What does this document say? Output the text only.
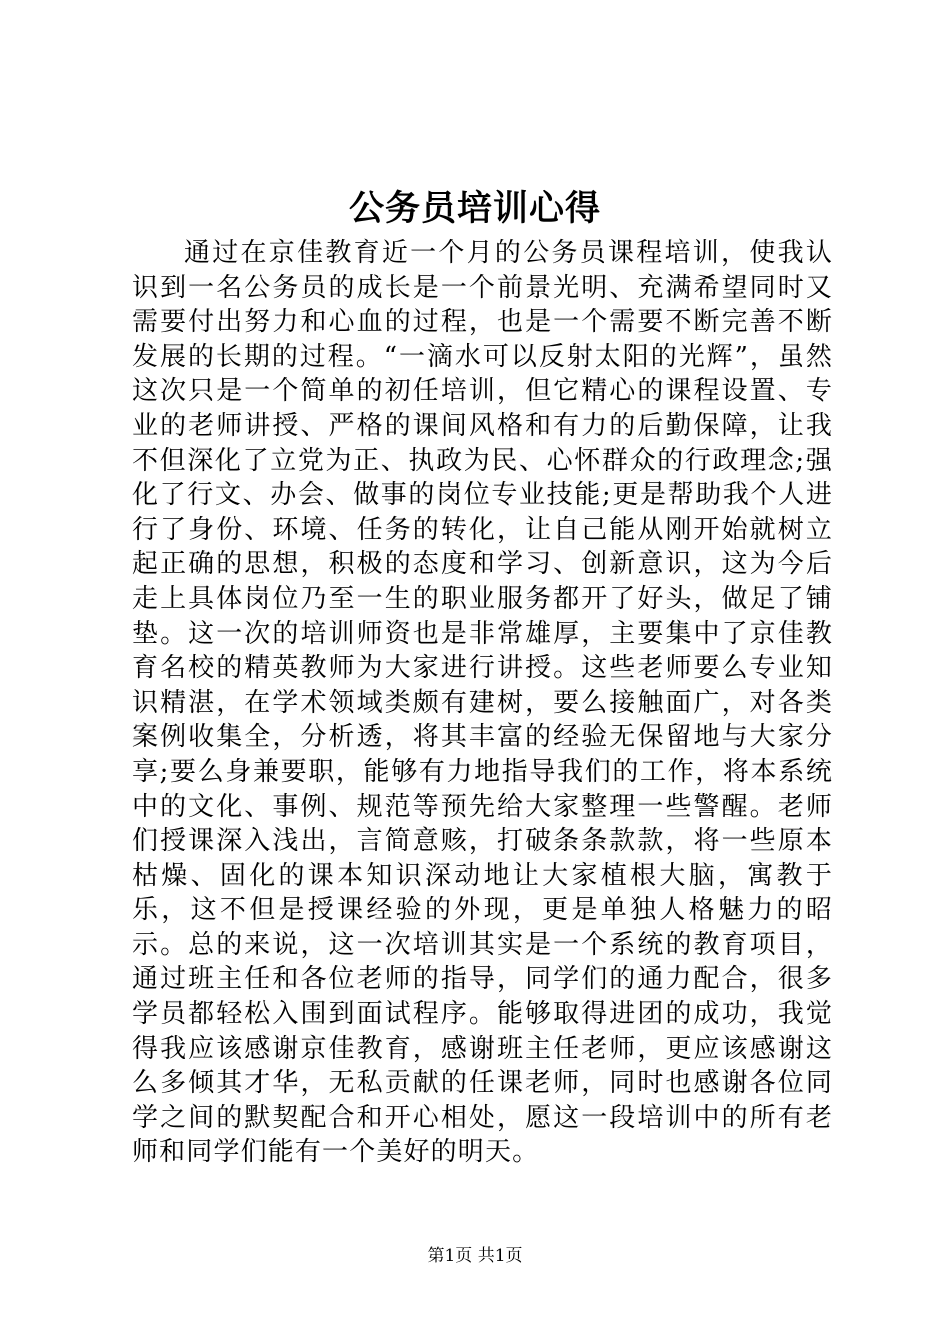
公务员培训心得

通过在京佳教育近一个月的公务员课程培训，使我认识到一名公务员的成长是一个前景光明、充满希望同时又需要付出努力和心血的过程，也是一个需要不断完善不断发展的长期的过程。“一滴水可以反射太阳的光辉”，虽然这次只是一个简单的初任培训，但它精心的课程设置、专业的老师讲授、严格的课间风格和有力的后勤保障，让我不但深化了立党为正、执政为民、心怀群众的行政理念;强化了行文、办会、做事的岗位专业技能;更是帮助我个人进行了身份、环境、任务的转化，让自己能从刚开始就树立起正确的思想，积极的态度和学习、创新意识，这为今后走上具体岗位乃至一生的职业服务都开了好头，做足了铺垫。这一次的培训师资也是非常雄厚，主要集中了京佳教育名校的精英教师为大家进行讲授。这些老师要么专业知识精湛，在学术领域类颇有建树，要么接触面广，对各类案例收集全，分析透，将其丰富的经验无保留地与大家分享;要么身兼要职，能够有力地指导我们的工作，将本系统中的文化、事例、规范等预先给大家整理一些警醒。老师们授课深入浅出，言简意赅，打破条条款款，将一些原本枯燥、固化的课本知识深动地让大家植根大脑，寓教于乐，这不但是授课经验的外现，更是单独人格魅力的昭示。总的来说，这一次培训其实是一个系统的教育项目，通过班主任和各位老师的指导，同学们的通力配合，很多学员都轻松入围到面试程序。能够取得进团的成功，我觉得我应该感谢京佳教育，感谢班主任老师，更应该感谢这么多倾其才华，无私贡献的任课老师，同时也感谢各位同学之间的默契配合和开心相处，愿这一段培训中的所有老师和同学们能有一个美好的明天。

第1页 共1页
